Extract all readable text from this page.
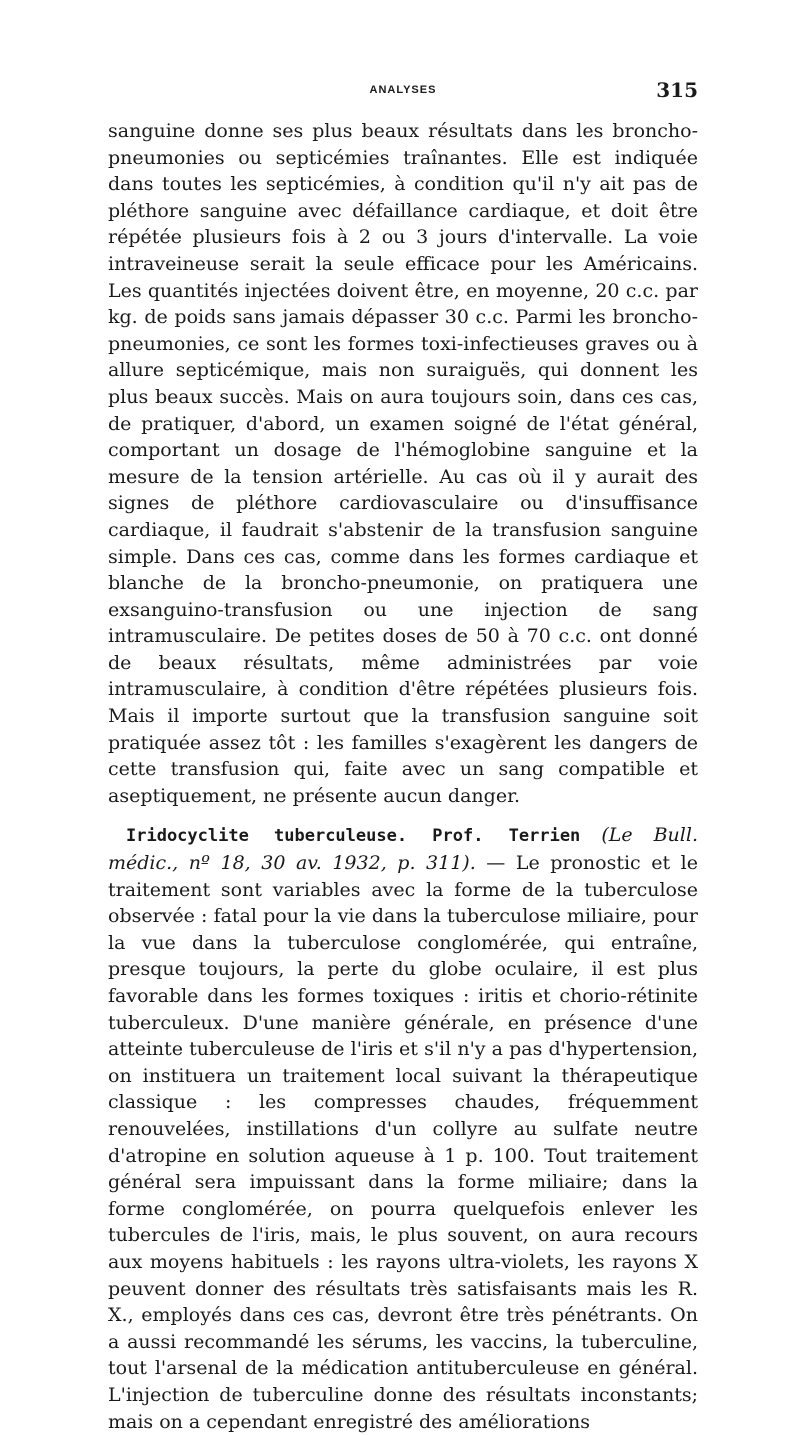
ANALYSES	315

sanguine donne ses plus beaux résultats dans les broncho-pneumonies ou septicémies traînantes. Elle est indiquée dans toutes les septicémies, à condition qu'il n'y ait pas de pléthore sanguine avec défaillance cardiaque, et doit être répétée plusieurs fois à 2 ou 3 jours d'intervalle. La voie intraveineuse serait la seule efficace pour les Américains. Les quantités injectées doivent être, en moyenne, 20 c.c. par kg. de poids sans jamais dépasser 30 c.c. Parmi les broncho-pneumonies, ce sont les formes toxi-infectieuses graves ou à allure septicémique, mais non suraiguës, qui donnent les plus beaux succès. Mais on aura toujours soin, dans ces cas, de pratiquer, d'abord, un examen soigné de l'état général, comportant un dosage de l'hémoglobine sanguine et la mesure de la tension artérielle. Au cas où il y aurait des signes de pléthore cardiovasculaire ou d'insuffisance cardiaque, il faudrait s'abstenir de la transfusion sanguine simple. Dans ces cas, comme dans les formes cardiaque et blanche de la broncho-pneumonie, on pratiquera une exsanguino-transfusion ou une injection de sang intramusculaire. De petites doses de 50 à 70 c.c. ont donné de beaux résultats, même administrées par voie intramusculaire, à condition d'être répétées plusieurs fois. Mais il importe surtout que la transfusion sanguine soit pratiquée assez tôt : les familles s'exagèrent les dangers de cette transfusion qui, faite avec un sang compatible et aseptiquement, ne présente aucun danger.

Iridocyclite tuberculeuse. Prof. Terrien (Le Bull. médic., nº 18, 30 av. 1932, p. 311). — Le pronostic et le traitement sont variables avec la forme de la tuberculose observée : fatal pour la vie dans la tuberculose miliaire, pour la vue dans la tuberculose conglomérée, qui entraîne, presque toujours, la perte du globe oculaire, il est plus favorable dans les formes toxiques : iritis et chorio-rétinite tuberculeux. D'une manière générale, en présence d'une atteinte tuberculeuse de l'iris et s'il n'y a pas d'hypertension, on instituera un traitement local suivant la thérapeutique classique : les compresses chaudes, fréquemment renouvelées, instillations d'un collyre au sulfate neutre d'atropine en solution aqueuse à 1 p. 100. Tout traitement général sera impuissant dans la forme miliaire; dans la forme conglomérée, on pourra quelquefois enlever les tubercules de l'iris, mais, le plus souvent, on aura recours aux moyens habituels : les rayons ultra-violets, les rayons X peuvent donner des résultats très satisfaisants mais les R. X., employés dans ces cas, devront être très pénétrants. On a aussi recommandé les sérums, les vaccins, la tuberculine, tout l'arsenal de la médication antituberculeuse en général. L'injection de tuberculine donne des résultats inconstants; mais on a cependant enregistré des améliorations
